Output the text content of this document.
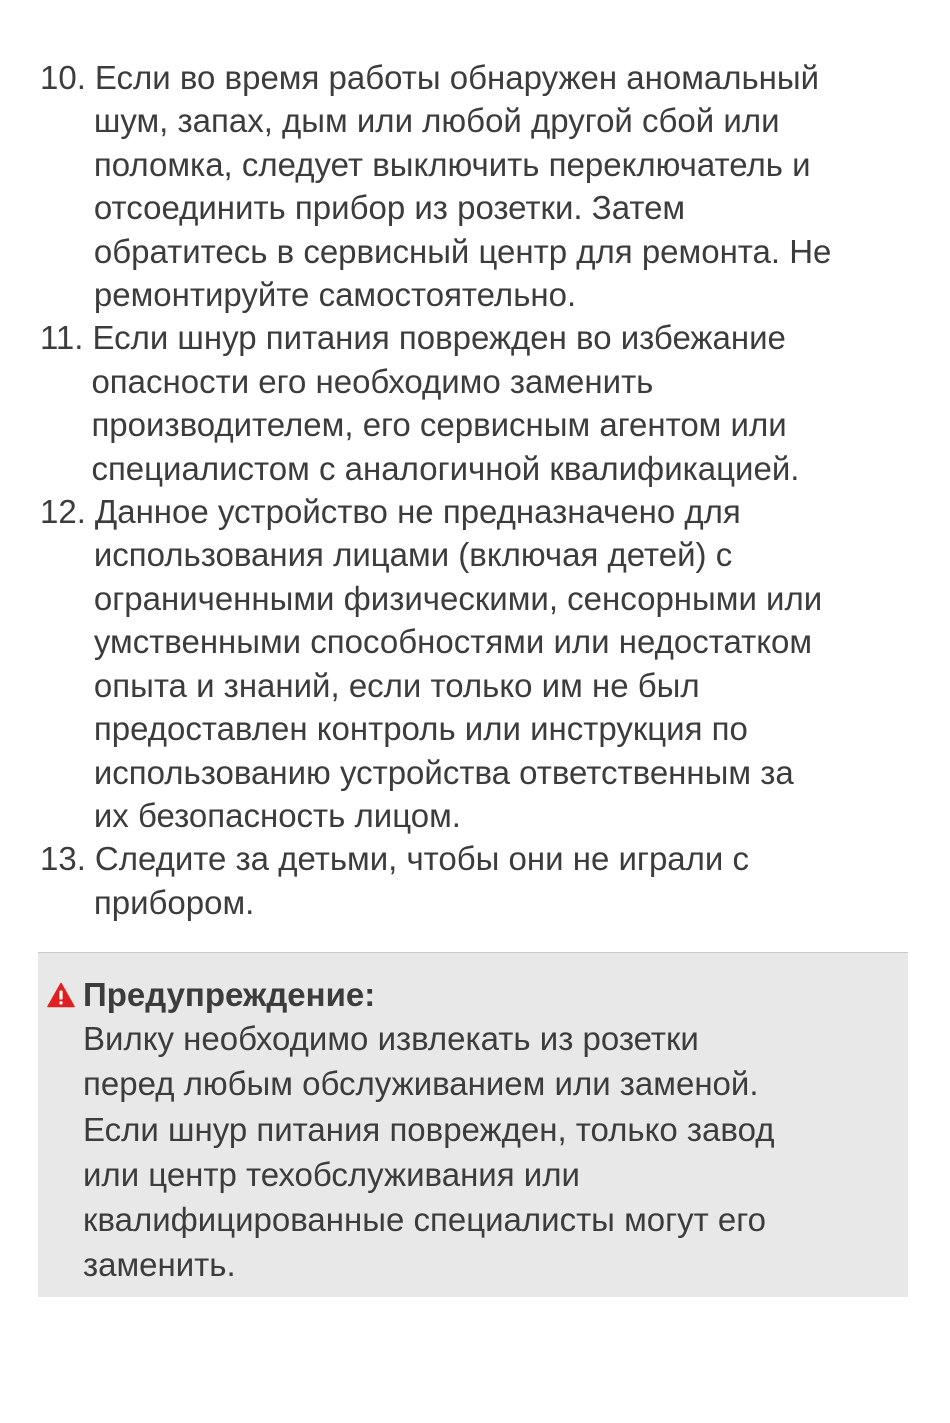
10. Если во время работы обнаружен аномальный
шум, запах, дым или любой другой сбой или
поломка, следует выключить переключатель и
отсоединить прибор из розетки. Затем
обратитесь в сервисный центр для ремонта. Не
ремонтируйте самостоятельно.
11. Если шнур питания поврежден во избежание
опасности его необходимо заменить
производителем, его сервисным агентом или
специалистом с аналогичной квалификацией.
12. Данное устройство не предназначено для
использования лицами (включая детей) с
ограниченными физическими, сенсорными или
умственными способностями или недостатком
опыта и знаний, если только им не был
предоставлен контроль или инструкция по
использованию устройства ответственным за
их безопасность лицом.
13. Следите за детьми, чтобы они не играли с
прибором.
Предупреждение:
Вилку необходимо извлекать из розетки
перед любым обслуживанием или заменой.
Если шнур питания поврежден, только завод
или центр техобслуживания или
квалифицированные специалисты могут его
заменить.
